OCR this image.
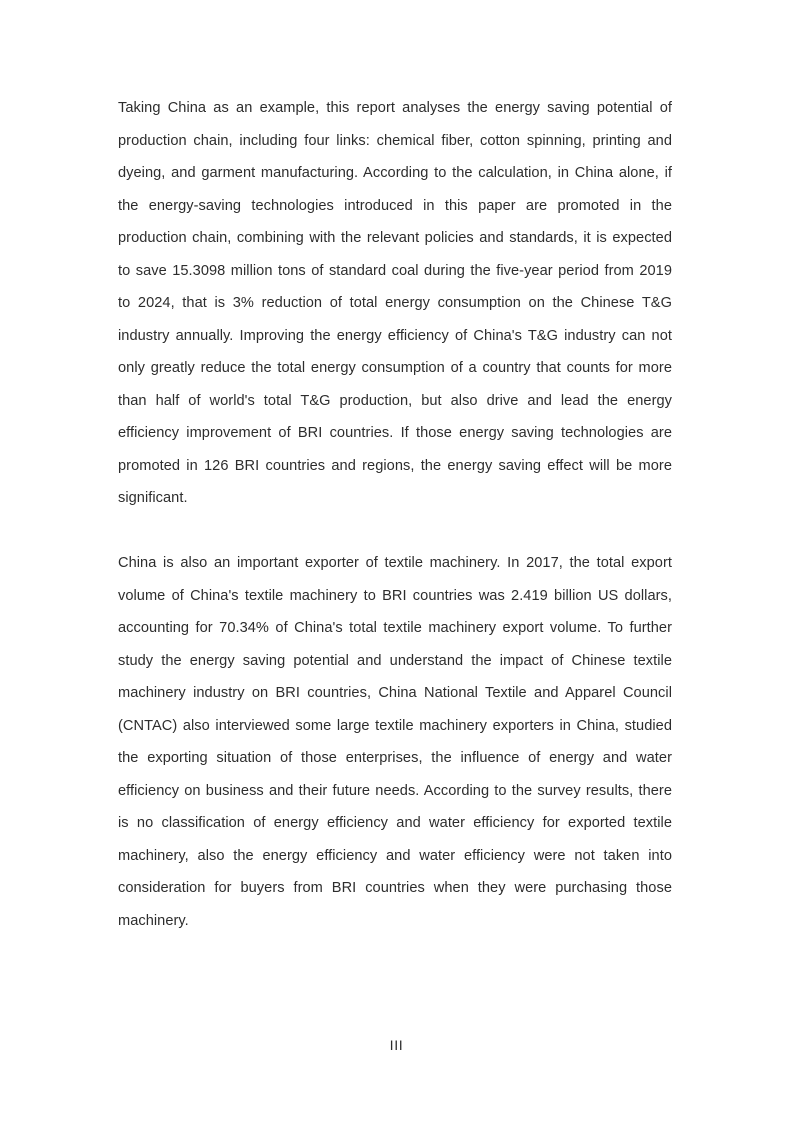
Taking China as an example, this report analyses the energy saving potential of production chain, including four links: chemical fiber, cotton spinning, printing and dyeing, and garment manufacturing. According to the calculation, in China alone, if the energy-saving technologies introduced in this paper are promoted in the production chain, combining with the relevant policies and standards, it is expected to save 15.3098 million tons of standard coal during the five-year period from 2019 to 2024, that is 3% reduction of total energy consumption on the Chinese T&G industry annually. Improving the energy efficiency of China's T&G industry can not only greatly reduce the total energy consumption of a country that counts for more than half of world's total T&G production, but also drive and lead the energy efficiency improvement of BRI countries. If those energy saving technologies are promoted in 126 BRI countries and regions, the energy saving effect will be more significant.

China is also an important exporter of textile machinery. In 2017, the total export volume of China's textile machinery to BRI countries was 2.419 billion US dollars, accounting for 70.34% of China's total textile machinery export volume. To further study the energy saving potential and understand the impact of Chinese textile machinery industry on BRI countries, China National Textile and Apparel Council (CNTAC) also interviewed some large textile machinery exporters in China, studied the exporting situation of those enterprises, the influence of energy and water efficiency on business and their future needs. According to the survey results, there is no classification of energy efficiency and water efficiency for exported textile machinery, also the energy efficiency and water efficiency were not taken into consideration for buyers from BRI countries when they were purchasing those machinery.

III
